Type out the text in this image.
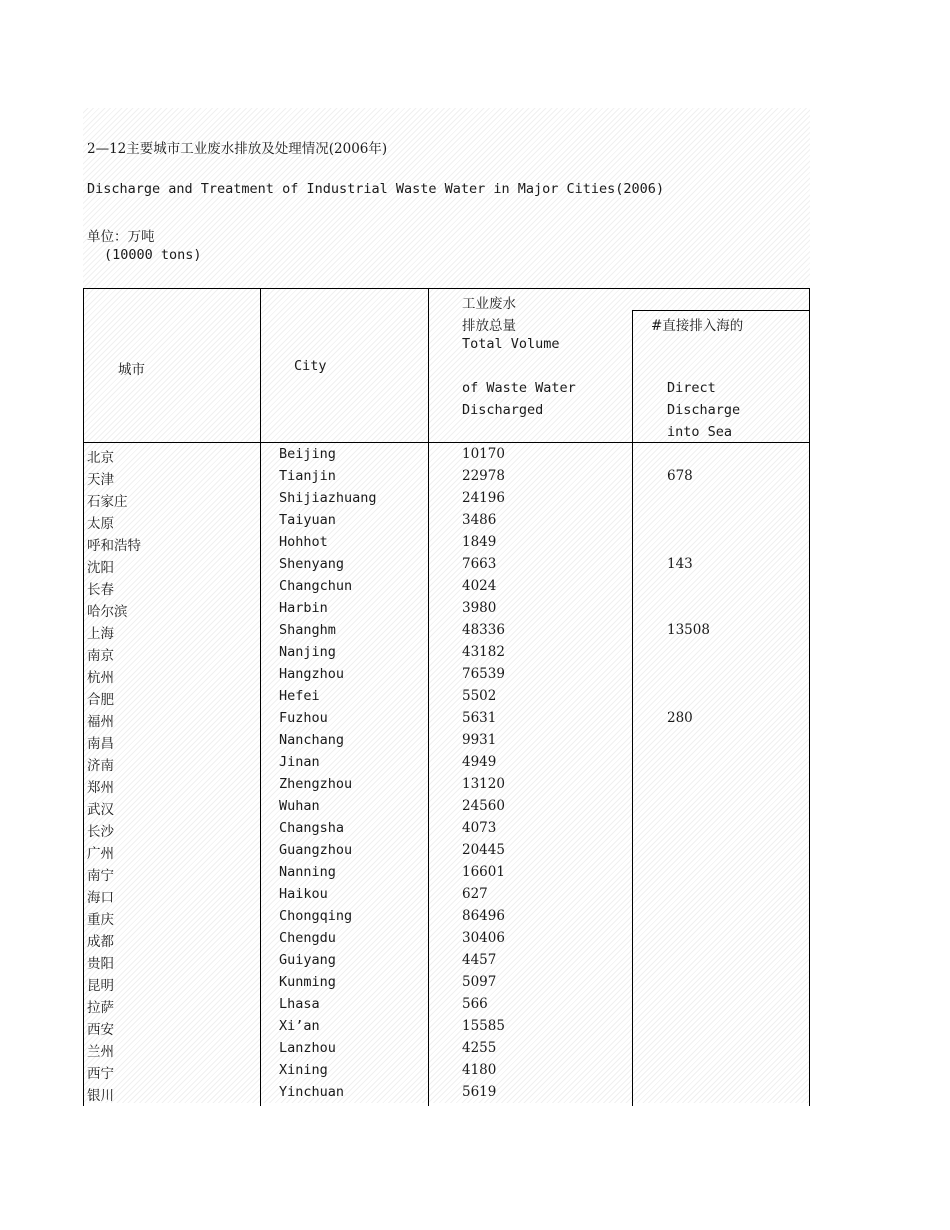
2—12主要城市工业废水排放及处理情况(2006年)
Discharge and Treatment of Industrial Waste Water in Major Cities(2006)
单位：万吨
(10000 tons)
城市	City
工业废水
排放总量
Total Volume
of Waste Water
Discharged
#直接排入海的
Direct
Discharge
into Sea
北京	Beijing	10170
天津	Tianjin	22978	678
石家庄	Shijiazhuang	24196
太原	Taiyuan	3486
呼和浩特	Hohhot	1849
沈阳	Shenyang	7663	143
长春	Changchun	4024
哈尔滨	Harbin	3980
上海	Shanghm	48336	13508
南京	Nanjing	43182
杭州	Hangzhou	76539
合肥	Hefei	5502
福州	Fuzhou	5631	280
南昌	Nanchang	9931
济南	Jinan	4949
郑州	Zhengzhou	13120
武汉	Wuhan	24560
长沙	Changsha	4073
广州	Guangzhou	20445
南宁	Nanning	16601
海口	Haikou	627
重庆	Chongqing	86496
成都	Chengdu	30406
贵阳	Guiyang	4457
昆明	Kunming	5097
拉萨	Lhasa	566
西安	Xi’an	15585
兰州	Lanzhou	4255
西宁	Xining	4180
银川	Yinchuan	5619
